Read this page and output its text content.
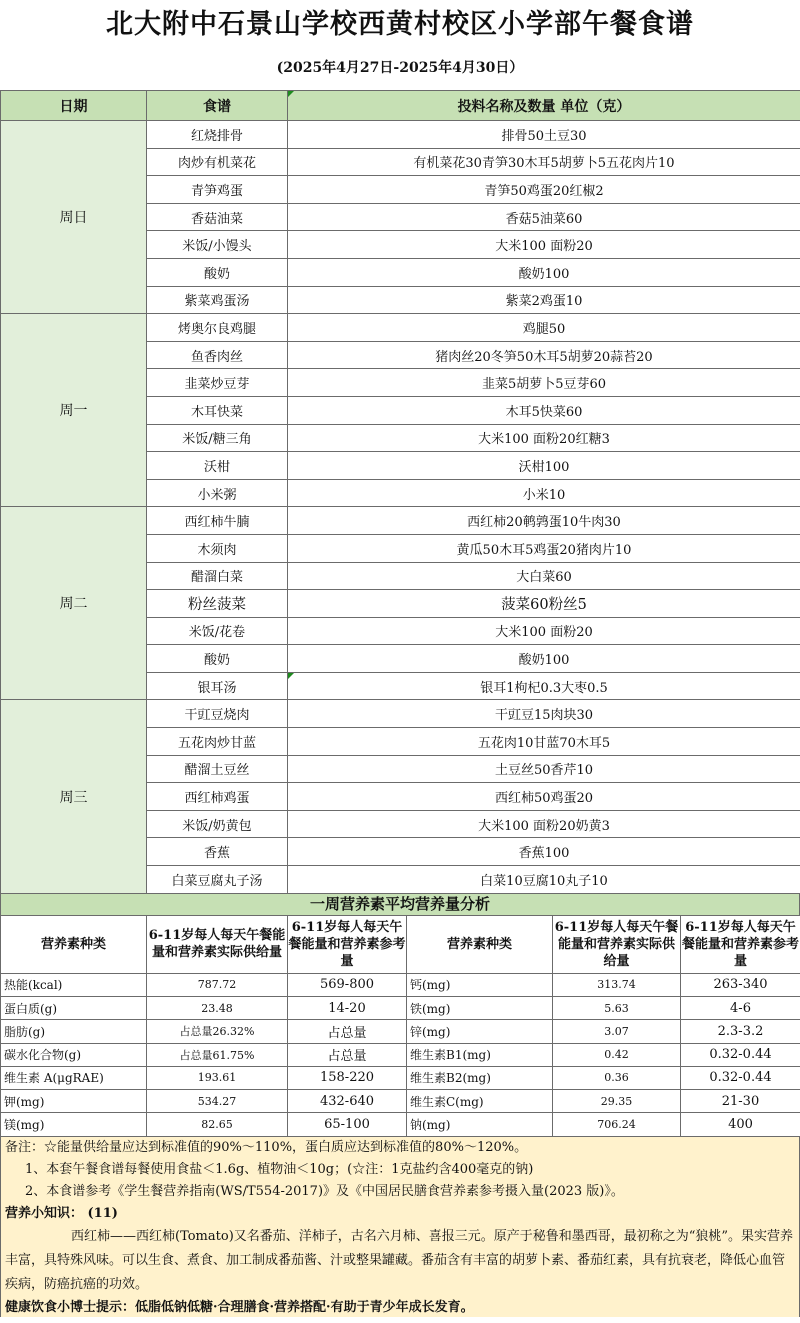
北大附中石景山学校西黄村校区小学部午餐食谱
(2025年4月27日-2025年4月30日）
日期	食谱	投料名称及数量 单位（克）
周日	红烧排骨	排骨50土豆30
	肉炒有机菜花	有机菜花30青笋30木耳5胡萝卜5五花肉片10
	青笋鸡蛋	青笋50鸡蛋20红椒2
	香菇油菜	香菇5油菜60
	米饭/小馒头	大米100 面粉20
	酸奶	酸奶100
	紫菜鸡蛋汤	紫菜2鸡蛋10
周一	烤奥尔良鸡腿	鸡腿50
	鱼香肉丝	猪肉丝20冬笋50木耳5胡萝20蒜苔20
	韭菜炒豆芽	韭菜5胡萝卜5豆芽60
	木耳快菜	木耳5快菜60
	米饭/糖三角	大米100 面粉20红糖3
	沃柑	沃柑100
	小米粥	小米10
周二	西红柿牛腩	西红柿20鹌鹑蛋10牛肉30
	木须肉	黄瓜50木耳5鸡蛋20猪肉片10
	醋溜白菜	大白菜60
	粉丝菠菜	菠菜60粉丝5
	米饭/花卷	大米100 面粉20
	酸奶	酸奶100
	银耳汤	银耳1枸杞0.3大枣0.5
周三	干豇豆烧肉	干豇豆15肉块30
	五花肉炒甘蓝	五花肉10甘蓝70木耳5
	醋溜土豆丝	土豆丝50香芹10
	西红柿鸡蛋	西红柿50鸡蛋20
	米饭/奶黄包	大米100 面粉20奶黄3
	香蕉	香蕉100
	白菜豆腐丸子汤	白菜10豆腐10丸子10
一周营养素平均营养量分析
营养素种类	6-11岁每人每天午餐能量和营养素实际供给量	6-11岁每人每天午餐能量和营养素参考量	营养素种类	6-11岁每人每天午餐能量和营养素实际供给量	6-11岁每人每天午餐能量和营养素参考量
热能(kcal)	787.72	569-800	钙(mg)	313.74	263-340
蛋白质(g)	23.48	14-20	铁(mg)	5.63	4-6
脂肪(g)	占总量26.32%	占总量	锌(mg)	3.07	2.3-3.2
碳水化合物(g)	占总量61.75%	占总量	维生素B1(mg)	0.42	0.32-0.44
维生素 A(μgRAE)	193.61	158-220	维生素B2(mg)	0.36	0.32-0.44
钾(mg)	534.27	432-640	维生素C(mg)	29.35	21-30
镁(mg)	82.65	65-100	钠(mg)	706.24	400
备注：☆能量供给量应达到标准值的90%～110%，蛋白质应达到标准值的80%～120%。
1、本套午餐食谱每餐使用食盐＜1.6g、植物油＜10g；(☆注：1克盐约含400毫克的钠)
2、本食谱参考《学生餐营养指南(WS/T554-2017)》及《中国居民膳食营养素参考摄入量(2023 版)》。
营养小知识： (11)
西红柿——西红柿(Tomato)又名番茄、洋柿子，古名六月柿、喜报三元。原产于秘鲁和墨西哥，最初称之为“狼桃”。果实营养丰富，具特殊风味。可以生食、煮食、加工制成番茄酱、汁或整果罐藏。番茄含有丰富的胡萝卜素、番茄红素，具有抗衰老，降低心血管疾病，防癌抗癌的功效。
健康饮食小博士提示：低脂低钠低糖·合理膳食·营养搭配·有助于青少年成长发育。
